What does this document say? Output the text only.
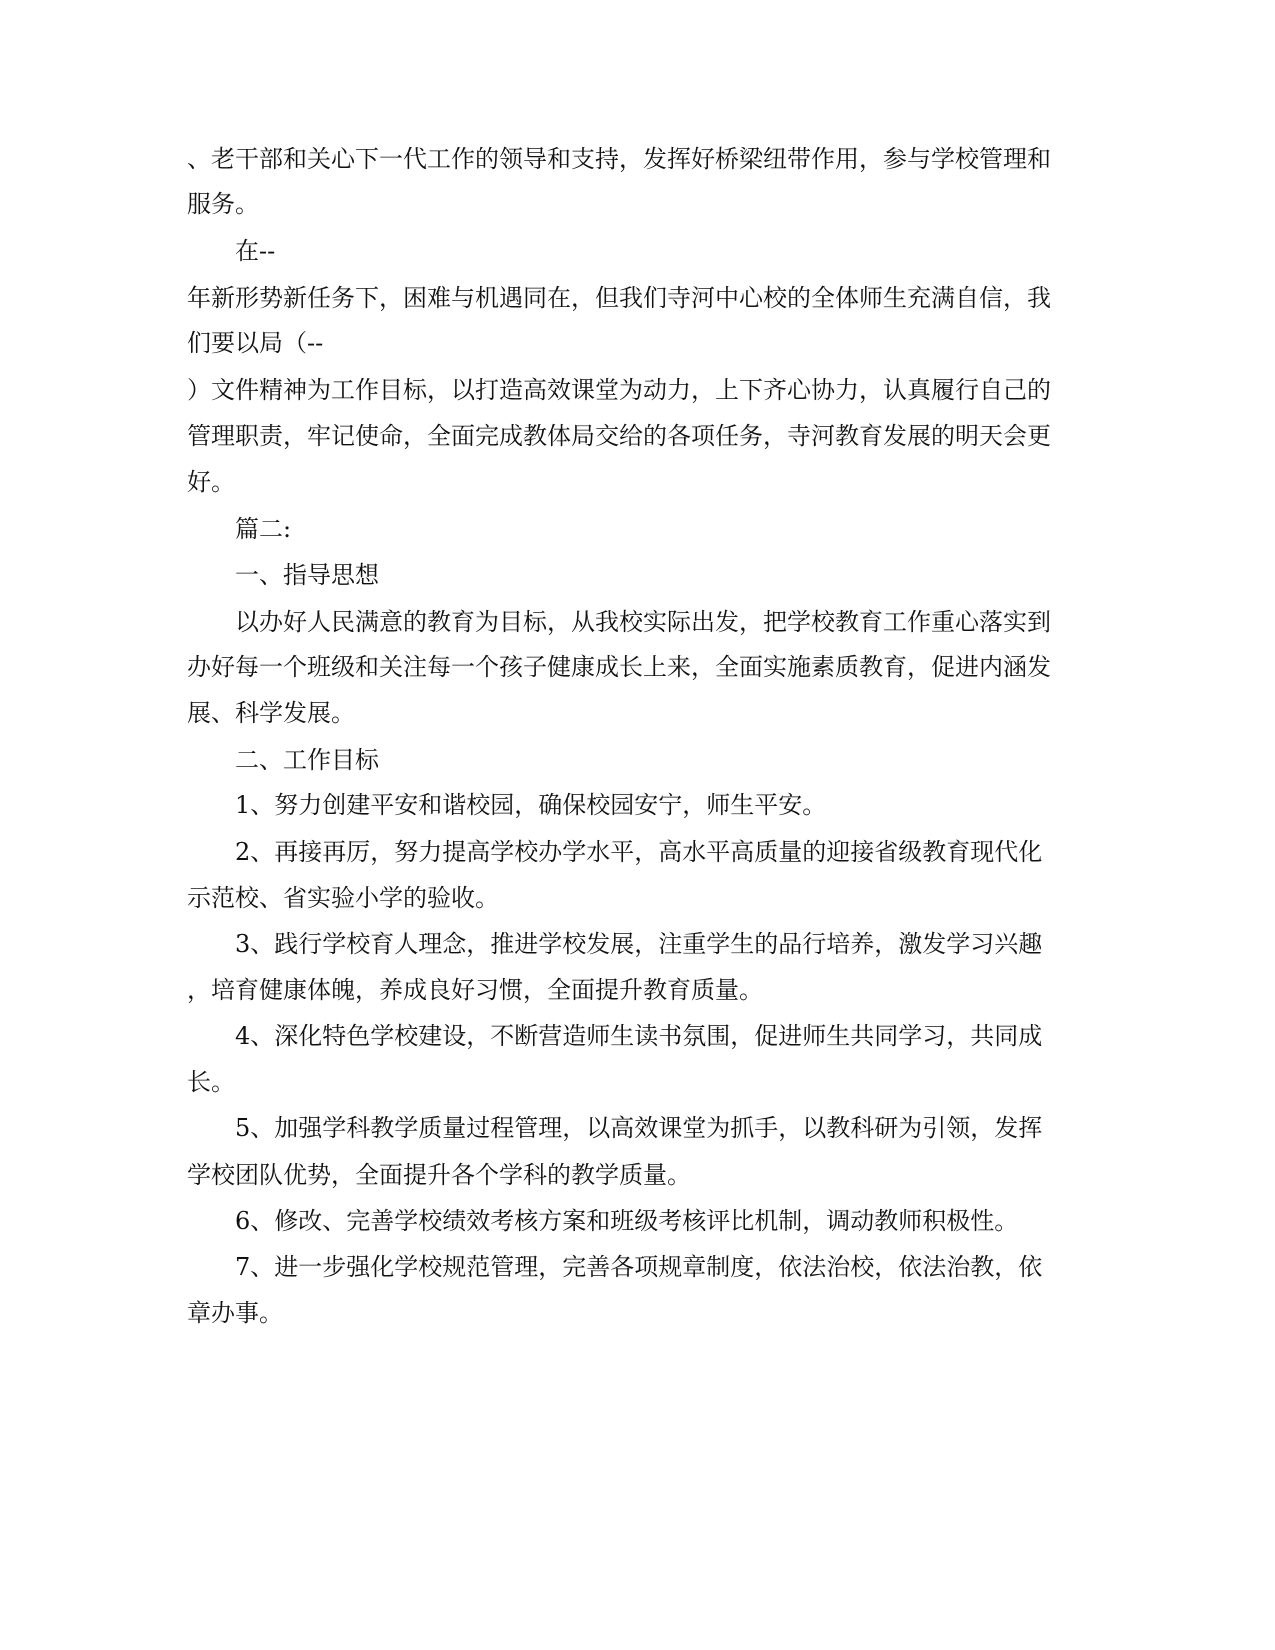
、老干部和关心下一代工作的领导和支持，发挥好桥梁纽带作用，参与学校管理和
服务。
在--
年新形势新任务下，困难与机遇同在，但我们寺河中心校的全体师生充满自信，我
们要以局（--
）文件精神为工作目标，以打造高效课堂为动力，上下齐心协力，认真履行自己的
管理职责，牢记使命，全面完成教体局交给的各项任务，寺河教育发展的明天会更
好。
篇二:
一、指导思想
以办好人民满意的教育为目标，从我校实际出发，把学校教育工作重心落实到
办好每一个班级和关注每一个孩子健康成长上来，全面实施素质教育，促进内涵发
展、科学发展。
二、工作目标
1、努力创建平安和谐校园，确保校园安宁，师生平安。
2、再接再厉，努力提高学校办学水平，高水平高质量的迎接省级教育现代化
示范校、省实验小学的验收。
3、践行学校育人理念，推进学校发展，注重学生的品行培养，激发学习兴趣
，培育健康体魄，养成良好习惯，全面提升教育质量。
4、深化特色学校建设，不断营造师生读书氛围，促进师生共同学习，共同成
长。
5、加强学科教学质量过程管理，以高效课堂为抓手，以教科研为引领，发挥
学校团队优势，全面提升各个学科的教学质量。
6、修改、完善学校绩效考核方案和班级考核评比机制，调动教师积极性。
7、进一步强化学校规范管理，完善各项规章制度，依法治校，依法治教，依
章办事。
